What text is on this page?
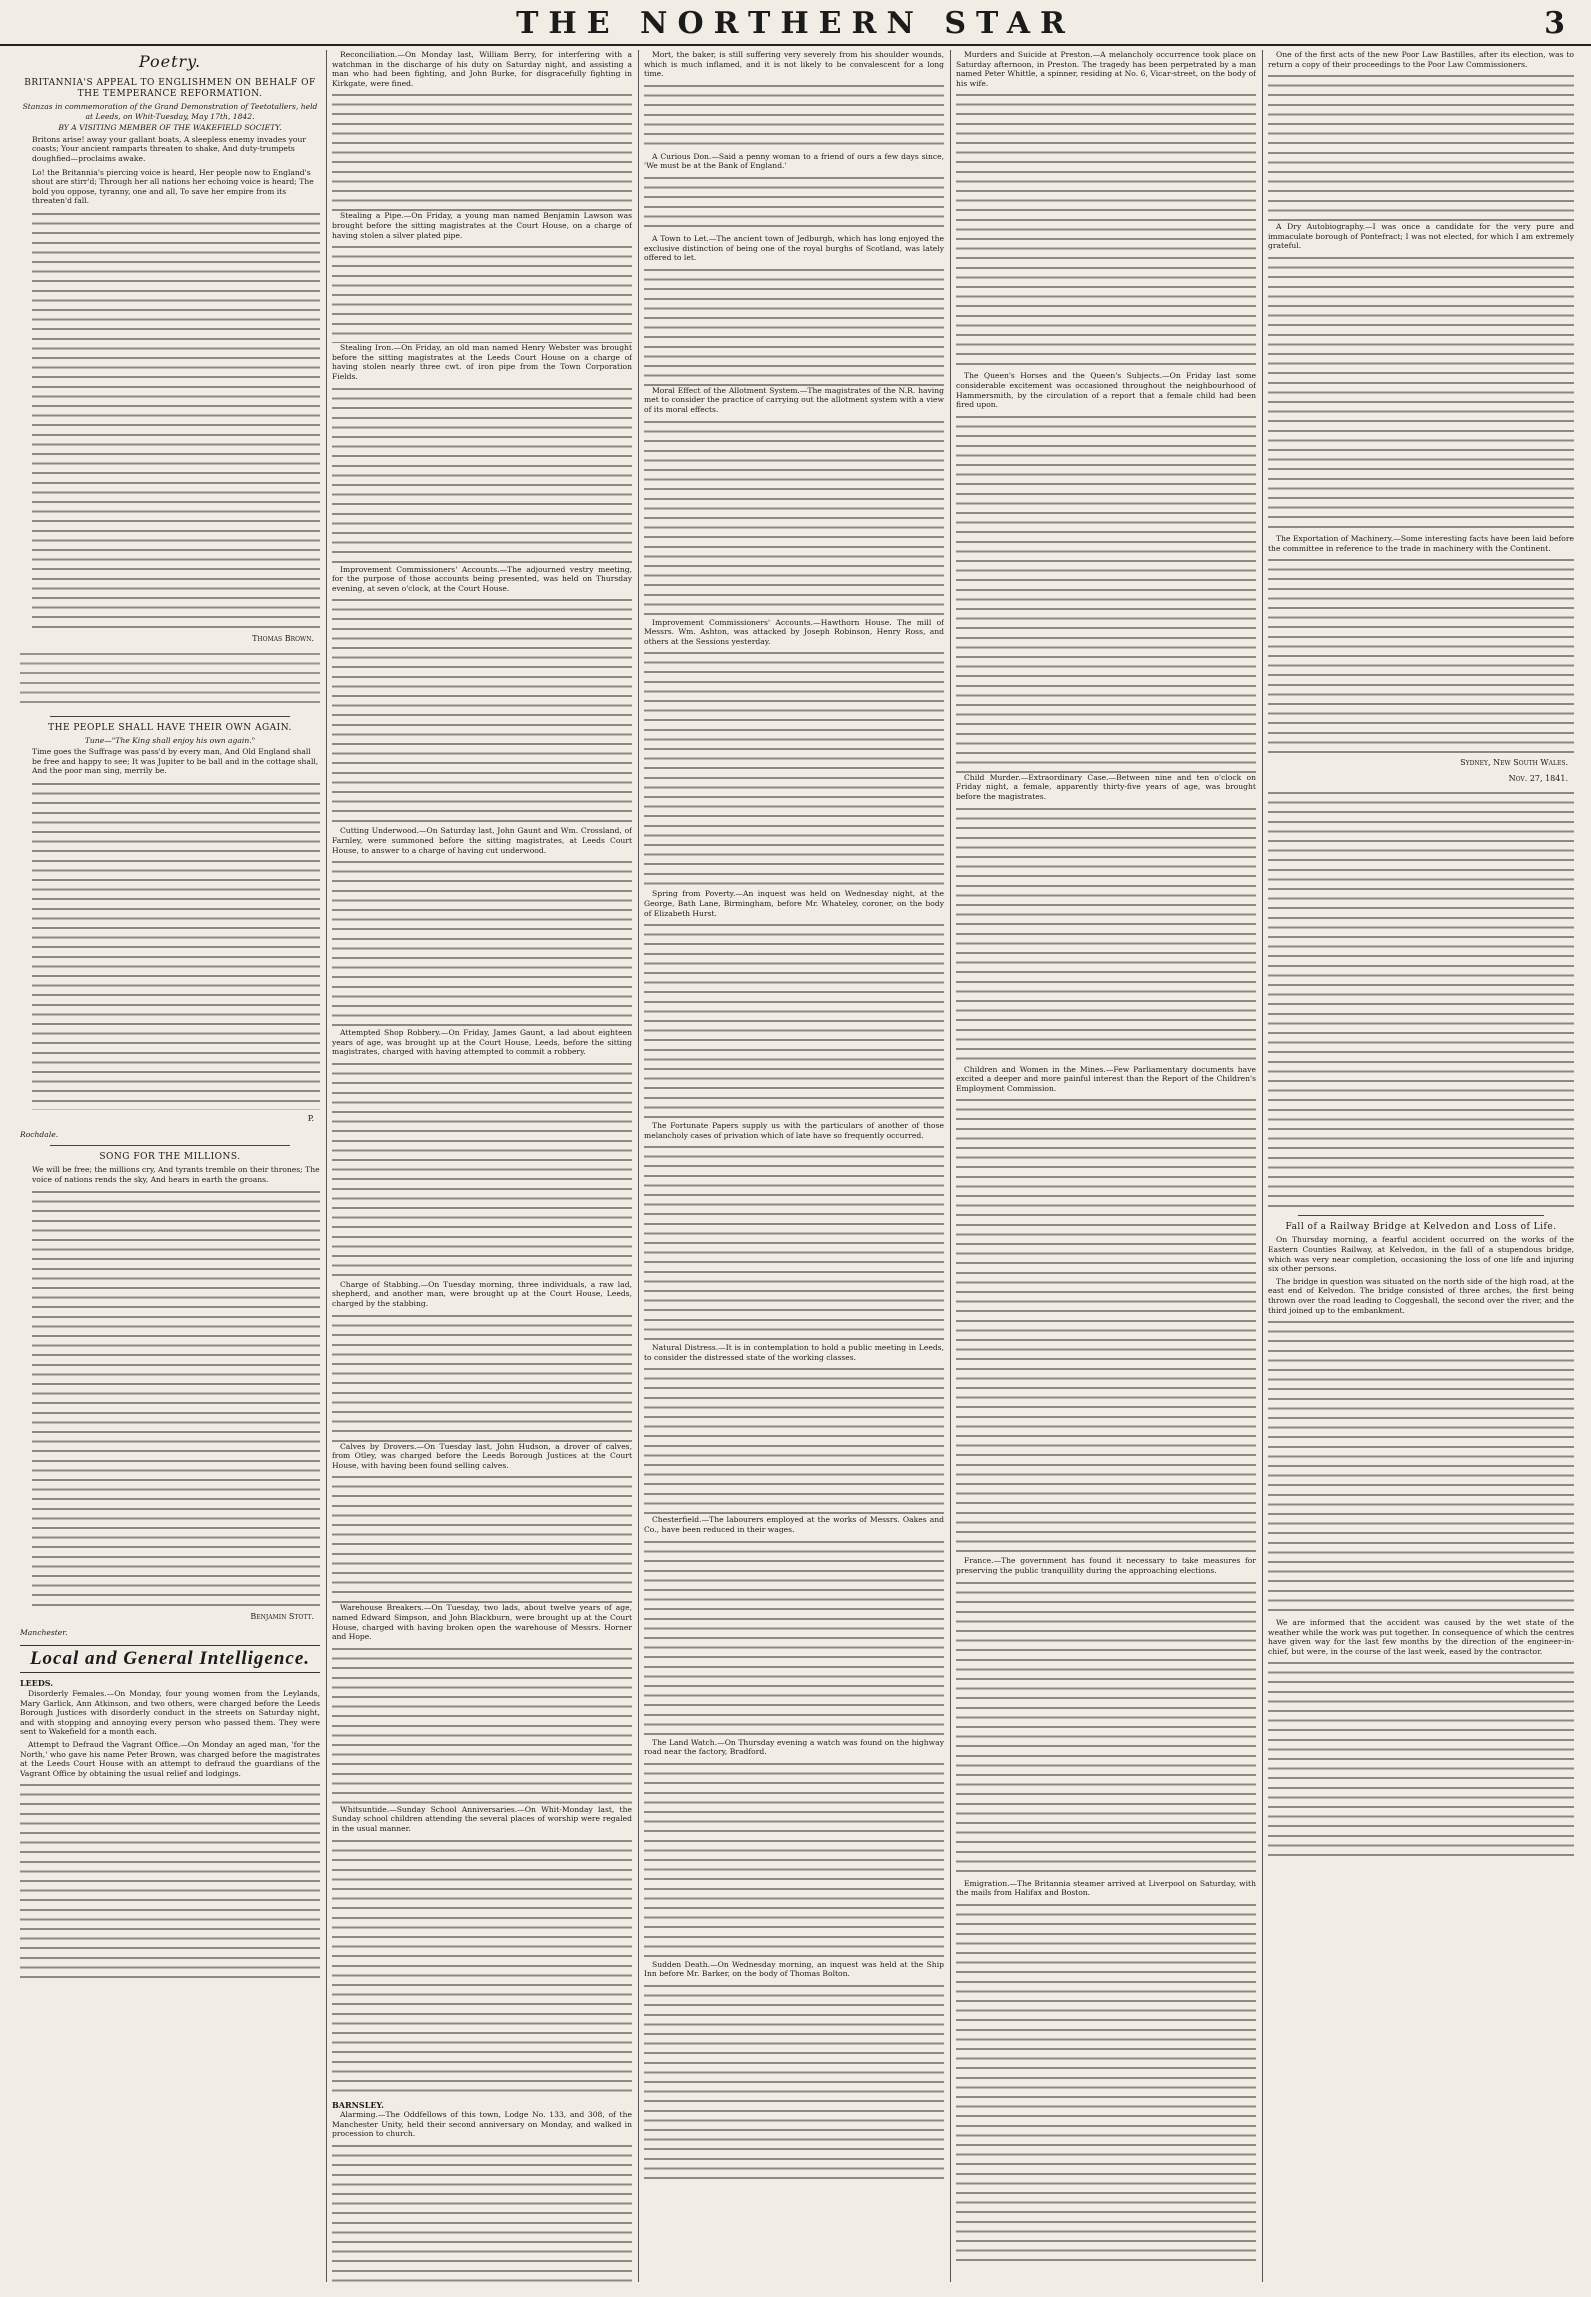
THE NORTHERN STAR	3
Poetry.
BRITANNIA'S APPEAL TO ENGLISHMEN ON BEHALF OF THE TEMPERANCE REFORMATION.
Stanzas in commemoration of the Grand Demonstration of Teetotallers, held at Leeds, on Whit-Tuesday, May 17th, 1842.
BY A VISITING MEMBER OF THE WAKEFIELD SOCIETY.
Britons arise! away your gallant boats, A sleepless enemy invades your coasts; Your ancient ramparts threaten to shake, And duty-trumpets doughfied—proclaims awake.
Lo! the Britannia's piercing voice is heard, Her people now to England's shout are stirr'd; Through her all nations her echoing voice is heard; The bold you oppose, tyranny, one and all, To save her empire from its threaten'd fall.
Thomas Brown.
THE PEOPLE SHALL HAVE THEIR OWN AGAIN.
Tune—"The King shall enjoy his own again."
Time goes the Suffrage was pass'd by every man, And Old England shall be free and happy to see; It was Jupiter to be ball and in the cottage shall, And the poor man sing, merrily be.
P.
Rochdale.
SONG FOR THE MILLIONS.
We will be free; the millions cry, And tyrants tremble on their thrones; The voice of nations rends the sky, And hears in earth the groans.
Benjamin Stott.
Manchester.
Local and General Intelligence.
LEEDS.

Disorderly Females.—On Monday, four young women from the Leylands, Mary Garlick, Ann Atkinson, and two others, were charged before the Leeds Borough Justices with disorderly conduct in the streets on Saturday night, and with stopping and annoying every person who passed them. They were sent to Wakefield for a month each.

Attempt to Defraud the Vagrant Office.—On Monday an aged man, 'for the North,' who gave his name Peter Brown, was charged before the magistrates at the Leeds Court House with an attempt to defraud the guardians of the Vagrant Office by obtaining the usual relief and lodgings.

Reconciliation.—On Monday last, William Berry, for interfering with a watchman in the discharge of his duty on Saturday night, and assisting a man who had been fighting, and John Burke, for disgracefully fighting in Kirkgate, were fined.

Stealing a Pipe.—On Friday, a young man named Benjamin Lawson was brought before the sitting magistrates at the Court House, on a charge of having stolen a silver plated pipe.

Stealing Iron.—On Friday, an old man named Henry Webster was brought before the sitting magistrates at the Leeds Court House on a charge of having stolen nearly three cwt. of iron pipe from the Town Corporation Fields.

Improvement Commissioners' Accounts.—The adjourned vestry meeting, for the purpose of those accounts being presented, was held on Thursday evening, at seven o'clock, at the Court House.

Cutting Underwood.—On Saturday last, John Gaunt and Wm. Crossland, of Farnley, were summoned before the sitting magistrates, at Leeds Court House, to answer to a charge of having cut underwood.

Attempted Shop Robbery.—On Friday, James Gaunt, a lad about eighteen years of age, was brought up at the Court House, Leeds, before the sitting magistrates, charged with having attempted to commit a robbery.

Charge of Stabbing.—On Tuesday morning, three individuals, a raw lad, shepherd, and another man, were brought up at the Court House, Leeds, charged by the stabbing.

Calves by Drovers.—On Tuesday last, John Hudson, a drover of calves, from Otley, was charged before the Leeds Borough Justices at the Court House, with having been found selling calves.

Warehouse Breakers.—On Tuesday, two lads, about twelve years of age, named Edward Simpson, and John Blackburn, were brought up at the Court House, charged with having broken open the warehouse of Messrs. Horner and Hope.

Whitsuntide.—Sunday School Anniversaries.—On Whit-Monday last, the Sunday school children attending the several places of worship were regaled in the usual manner.

BARNSLEY.

Alarming.—The Oddfellows of this town, Lodge No. 133, and 308, of the Manchester Unity, held their second anniversary on Monday, and walked in procession to church.

Mort, the baker, is still suffering very severely from his shoulder wounds, which is much inflamed, and it is not likely to be convalescent for a long time.

A Curious Don.—Said a penny woman to a friend of ours a few days since, 'We must be at the Bank of England.'

A Town to Let.—The ancient town of Jedburgh, which has long enjoyed the exclusive distinction of being one of the royal burghs of Scotland, was lately offered to let.

Moral Effect of the Allotment System.—The magistrates of the N.R. having met to consider the practice of carrying out the allotment system with a view of its moral effects.

Improvement Commissioners' Accounts.—Hawthorn House. The mill of Messrs. Wm. Ashton, was attacked by Joseph Robinson, Henry Ross, and others at the Sessions yesterday.

Spring from Poverty.—An inquest was held on Wednesday night, at the George, Bath Lane, Birmingham, before Mr. Whateley, coroner, on the body of Elizabeth Hurst.

The Fortunate Papers supply us with the particulars of another of those melancholy cases of privation which of late have so frequently occurred.

Natural Distress.—It is in contemplation to hold a public meeting in Leeds, to consider the distressed state of the working classes.

Chesterfield.—The labourers employed at the works of Messrs. Oakes and Co., have been reduced in their wages.

The Land Watch.—On Thursday evening a watch was found on the highway road near the factory, Bradford.

Sudden Death.—On Wednesday morning, an inquest was held at the Ship Inn before Mr. Barker, on the body of Thomas Bolton.

Murders and Suicide at Preston.—A melancholy occurrence took place on Saturday afternoon, in Preston. The tragedy has been perpetrated by a man named Peter Whittle, a spinner, residing at No. 6, Vicar-street, on the body of his wife.

The Queen's Horses and the Queen's Subjects.—On Friday last some considerable excitement was occasioned throughout the neighbourhood of Hammersmith, by the circulation of a report that a female child had been fired upon.

Child Murder.—Extraordinary Case.—Between nine and ten o'clock on Friday night, a female, apparently thirty-five years of age, was brought before the magistrates.

Children and Women in the Mines.—Few Parliamentary documents have excited a deeper and more painful interest than the Report of the Children's Employment Commission.

France.—The government has found it necessary to take measures for preserving the public tranquillity during the approaching elections.

Emigration.—The Britannia steamer arrived at Liverpool on Saturday, with the mails from Halifax and Boston.

One of the first acts of the new Poor Law Bastilles, after its election, was to return a copy of their proceedings to the Poor Law Commissioners.

A Dry Autobiography.—I was once a candidate for the very pure and immaculate borough of Pontefract; I was not elected, for which I am extremely grateful.

The Exportation of Machinery.—Some interesting facts have been laid before the committee in reference to the trade in machinery with the Continent.

Sydney, New South Wales.
Nov. 27, 1841.
Fall of a Railway Bridge at Kelvedon and Loss of Life.

On Thursday morning, a fearful accident occurred on the works of the Eastern Counties Railway, at Kelvedon, in the fall of a stupendous bridge, which was very near completion, occasioning the loss of one life and injuring six other persons.

The bridge in question was situated on the north side of the high road, at the east end of Kelvedon. The bridge consisted of three arches, the first being thrown over the road leading to Coggeshall, the second over the river, and the third joined up to the embankment.

We are informed that the accident was caused by the wet state of the weather while the work was put together. In consequence of which the centres have given way for the last few months by the direction of the engineer-in-chief, but were, in the course of the last week, eased by the contractor.
